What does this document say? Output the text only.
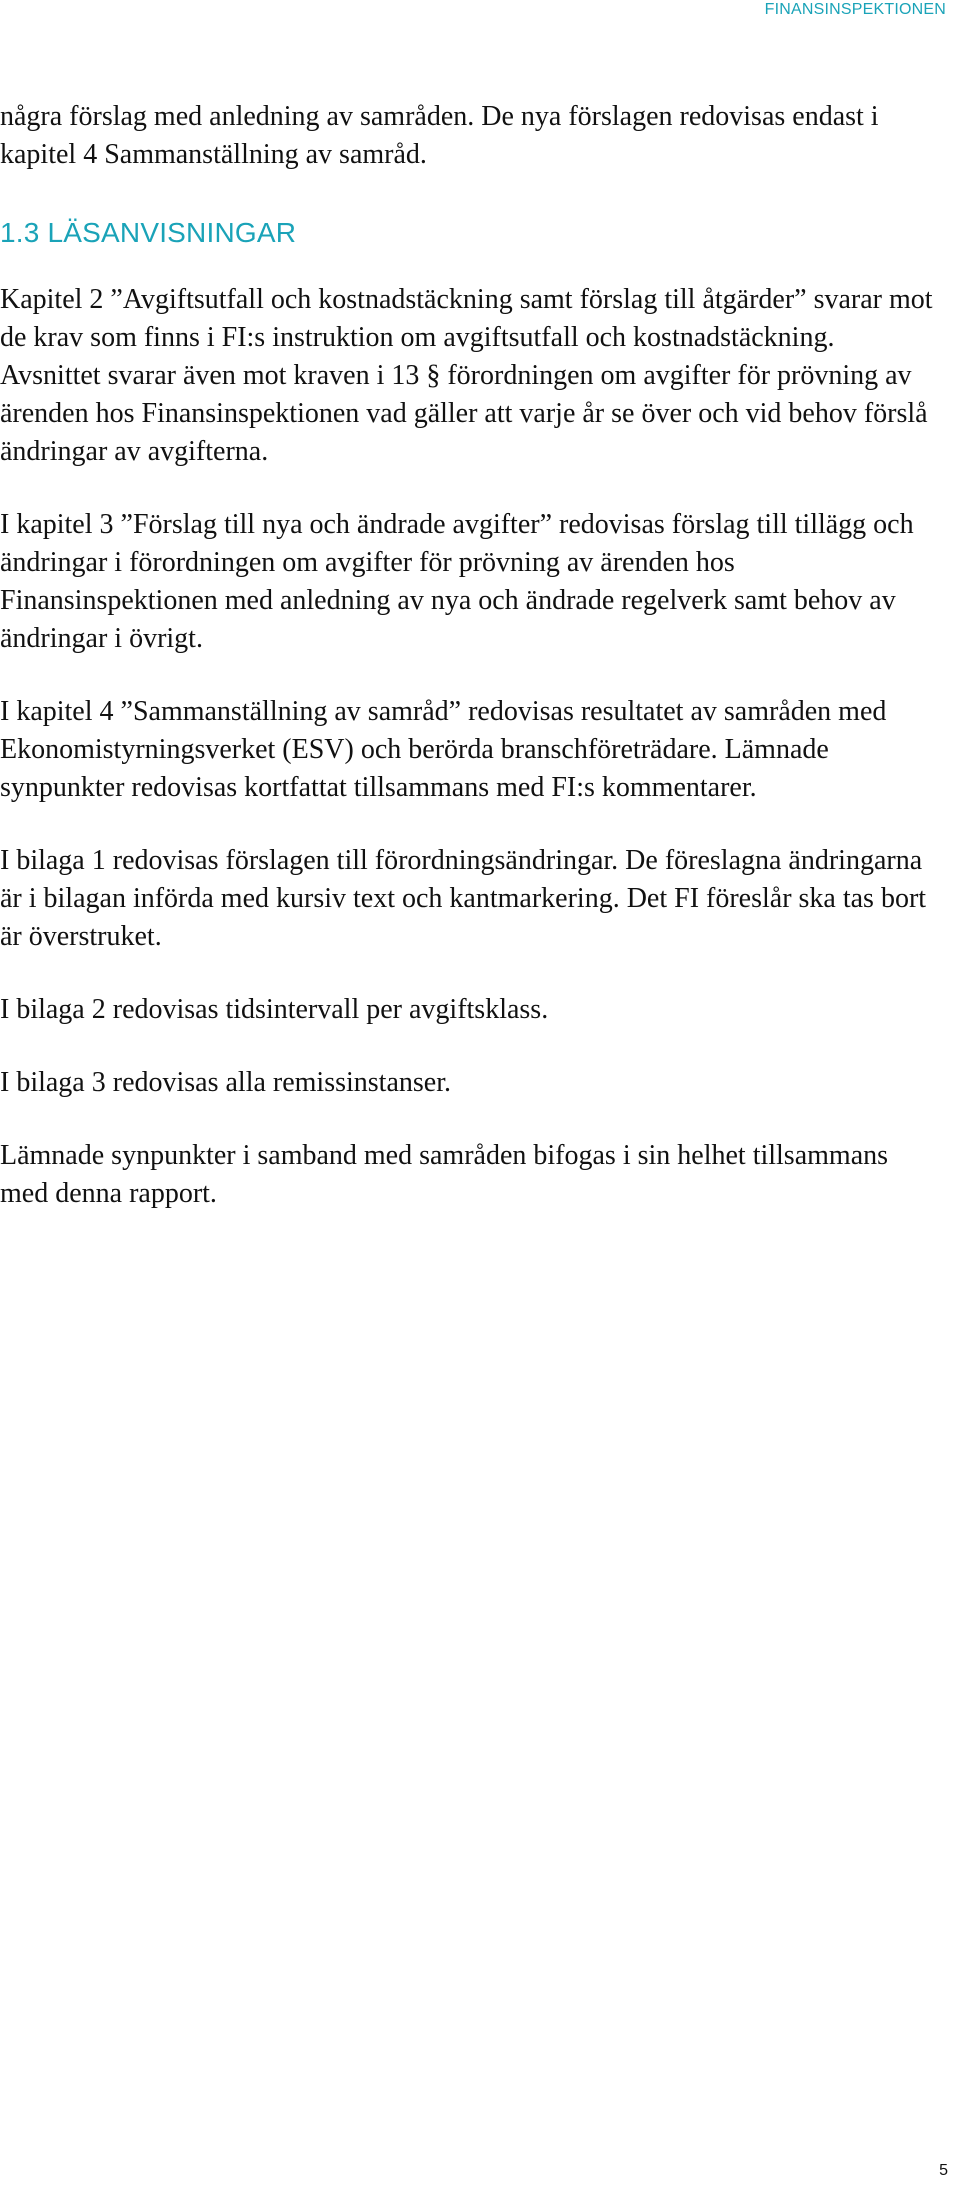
FINANSINSPEKTIONEN

några förslag med anledning av samråden. De nya förslagen redovisas endast i kapitel 4 Sammanställning av samråd.

1.3 LÄSANVISNINGAR

Kapitel 2 ”Avgiftsutfall och kostnadstäckning samt förslag till åtgärder” svarar mot de krav som finns i FI:s instruktion om avgiftsutfall och kostnadstäckning. Avsnittet svarar även mot kraven i 13 § förordningen om avgifter för prövning av ärenden hos Finansinspektionen vad gäller att varje år se över och vid behov förslå ändringar av avgifterna.

I kapitel 3 ”Förslag till nya och ändrade avgifter” redovisas förslag till tillägg och ändringar i förordningen om avgifter för prövning av ärenden hos Finansinspektionen med anledning av nya och ändrade regelverk samt behov av ändringar i övrigt.

I kapitel 4 ”Sammanställning av samråd” redovisas resultatet av samråden med Ekonomistyrningsverket (ESV) och berörda branschföreträdare. Lämnade synpunkter redovisas kortfattat tillsammans med FI:s kommentarer.

I bilaga 1 redovisas förslagen till förordningsändringar. De föreslagna ändringarna är i bilagan införda med kursiv text och kantmarkering. Det FI föreslår ska tas bort är överstruket.

I bilaga 2 redovisas tidsintervall per avgiftsklass.

I bilaga 3 redovisas alla remissinstanser.

Lämnade synpunkter i samband med samråden bifogas i sin helhet tillsammans med denna rapport.

5
